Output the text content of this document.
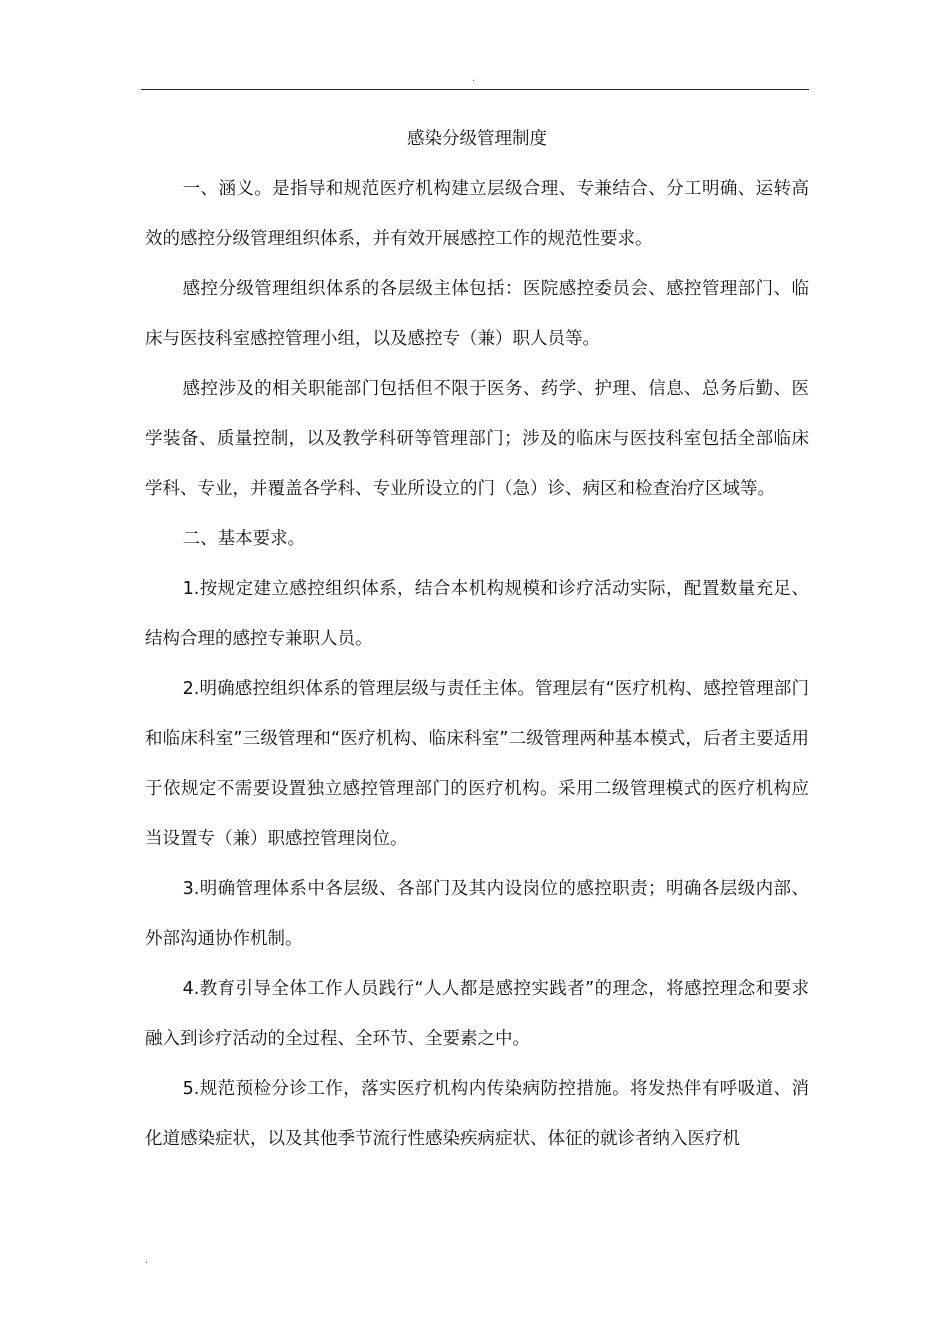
.
感染分级管理制度

一、涵义。是指导和规范医疗机构建立层级合理、专兼结合、分工明确、运转高效的感控分级管理组织体系，并有效开展感控工作的规范性要求。

感控分级管理组织体系的各层级主体包括：医院感控委员会、感控管理部门、临床与医技科室感控管理小组，以及感控专（兼）职人员等。

感控涉及的相关职能部门包括但不限于医务、药学、护理、信息、总务后勤、医学装备、质量控制，以及教学科研等管理部门；涉及的临床与医技科室包括全部临床学科、专业，并覆盖各学科、专业所设立的门（急）诊、病区和检查治疗区域等。

二、基本要求。

1.按规定建立感控组织体系，结合本机构规模和诊疗活动实际，配置数量充足、结构合理的感控专兼职人员。

2.明确感控组织体系的管理层级与责任主体。管理层有“医疗机构、感控管理部门和临床科室”三级管理和“医疗机构、临床科室”二级管理两种基本模式，后者主要适用于依规定不需要设置独立感控管理部门的医疗机构。采用二级管理模式的医疗机构应当设置专（兼）职感控管理岗位。

3.明确管理体系中各层级、各部门及其内设岗位的感控职责；明确各层级内部、外部沟通协作机制。

4.教育引导全体工作人员践行“人人都是感控实践者”的理念，将感控理念和要求融入到诊疗活动的全过程、全环节、全要素之中。

5.规范预检分诊工作，落实医疗机构内传染病防控措施。将发热伴有呼吸道、消化道感染症状，以及其他季节流行性感染疾病症状、体征的就诊者纳入医疗机

.
